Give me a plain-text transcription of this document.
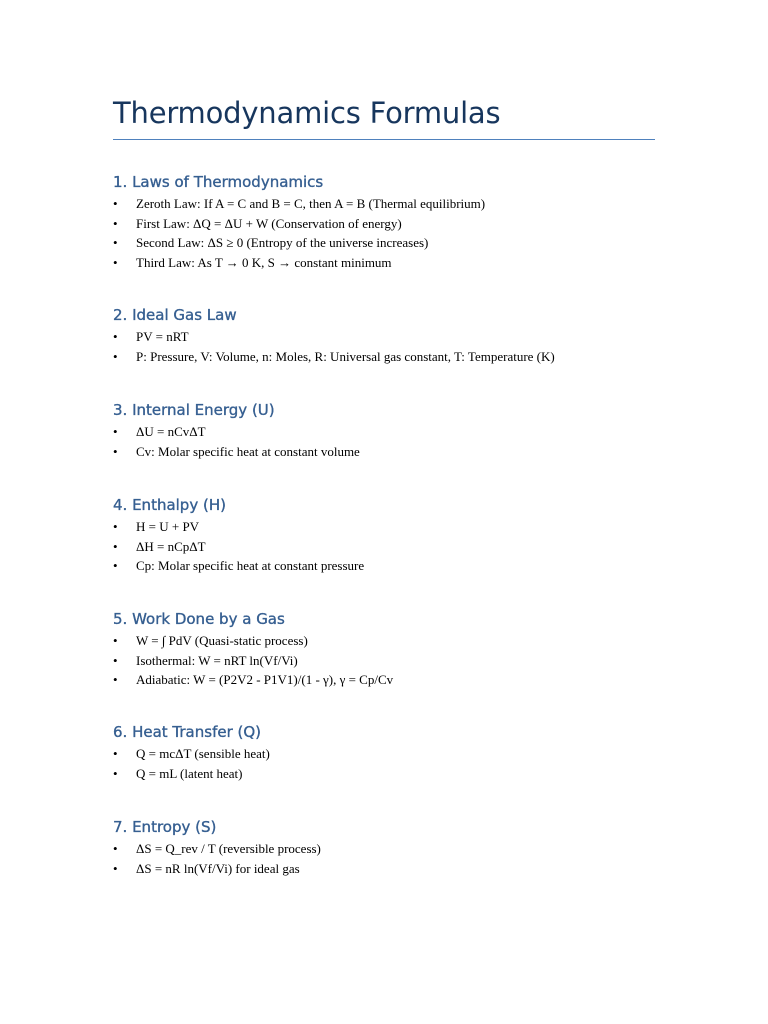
Thermodynamics Formulas
1. Laws of Thermodynamics
• Zeroth Law: If A = C and B = C, then A = B (Thermal equilibrium)
• First Law: ΔQ = ΔU + W (Conservation of energy)
• Second Law: ΔS ≥ 0 (Entropy of the universe increases)
• Third Law: As T → 0 K, S → constant minimum
2. Ideal Gas Law
• PV = nRT
• P: Pressure, V: Volume, n: Moles, R: Universal gas constant, T: Temperature (K)
3. Internal Energy (U)
• ΔU = nCvΔT
• Cv: Molar specific heat at constant volume
4. Enthalpy (H)
• H = U + PV
• ΔH = nCpΔT
• Cp: Molar specific heat at constant pressure
5. Work Done by a Gas
• W = ∫ PdV (Quasi-static process)
• Isothermal: W = nRT ln(Vf/Vi)
• Adiabatic: W = (P2V2 - P1V1)/(1 - γ), γ = Cp/Cv
6. Heat Transfer (Q)
• Q = mcΔT (sensible heat)
• Q = mL (latent heat)
7. Entropy (S)
• ΔS = Q_rev / T (reversible process)
• ΔS = nR ln(Vf/Vi) for ideal gas
